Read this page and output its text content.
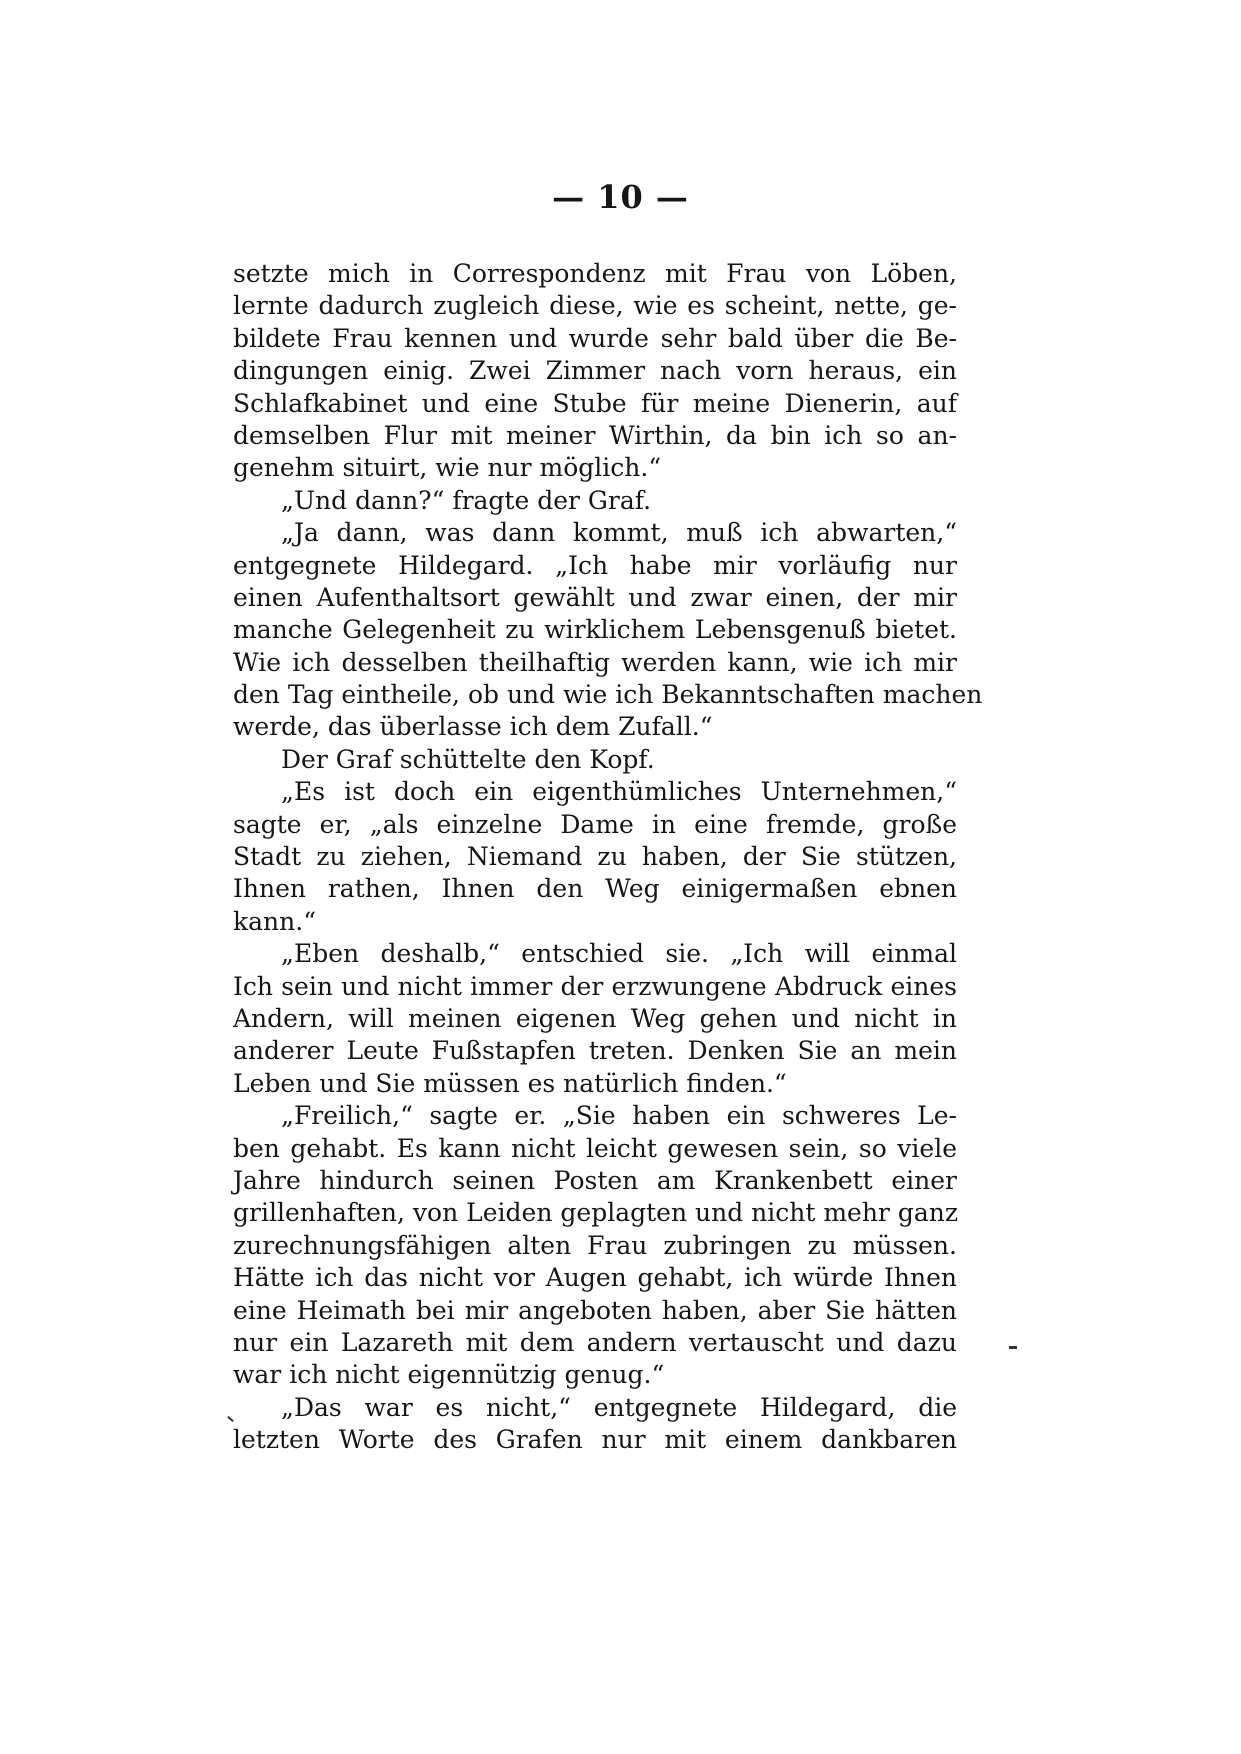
— 10 —
setzte mich in Correspondenz mit Frau von Löben,
lernte dadurch zugleich diese, wie es scheint, nette, ge-
bildete Frau kennen und wurde sehr bald über die Be-
dingungen einig. Zwei Zimmer nach vorn heraus, ein
Schlafkabinet und eine Stube für meine Dienerin, auf
demselben Flur mit meiner Wirthin, da bin ich so an-
genehm situirt, wie nur möglich.“
„Und dann?“ fragte der Graf.
„Ja dann, was dann kommt, muß ich abwarten,“
entgegnete Hildegard. „Ich habe mir vorläufig nur
einen Aufenthaltsort gewählt und zwar einen, der mir
manche Gelegenheit zu wirklichem Lebensgenuß bietet.
Wie ich desselben theilhaftig werden kann, wie ich mir
den Tag eintheile, ob und wie ich Bekanntschaften machen
werde, das überlasse ich dem Zufall.“
Der Graf schüttelte den Kopf.
„Es ist doch ein eigenthümliches Unternehmen,“
sagte er, „als einzelne Dame in eine fremde, große
Stadt zu ziehen, Niemand zu haben, der Sie stützen,
Ihnen rathen, Ihnen den Weg einigermaßen ebnen
kann.“
„Eben deshalb,“ entschied sie. „Ich will einmal
Ich sein und nicht immer der erzwungene Abdruck eines
Andern, will meinen eigenen Weg gehen und nicht in
anderer Leute Fußstapfen treten. Denken Sie an mein
Leben und Sie müssen es natürlich finden.“
„Freilich,“ sagte er. „Sie haben ein schweres Le-
ben gehabt. Es kann nicht leicht gewesen sein, so viele
Jahre hindurch seinen Posten am Krankenbett einer
grillenhaften, von Leiden geplagten und nicht mehr ganz
zurechnungsfähigen alten Frau zubringen zu müssen.
Hätte ich das nicht vor Augen gehabt, ich würde Ihnen
eine Heimath bei mir angeboten haben, aber Sie hätten
nur ein Lazareth mit dem andern vertauscht und dazu
war ich nicht eigennützig genug.“
„Das war es nicht,“ entgegnete Hildegard, die
letzten Worte des Grafen nur mit einem dankbaren
